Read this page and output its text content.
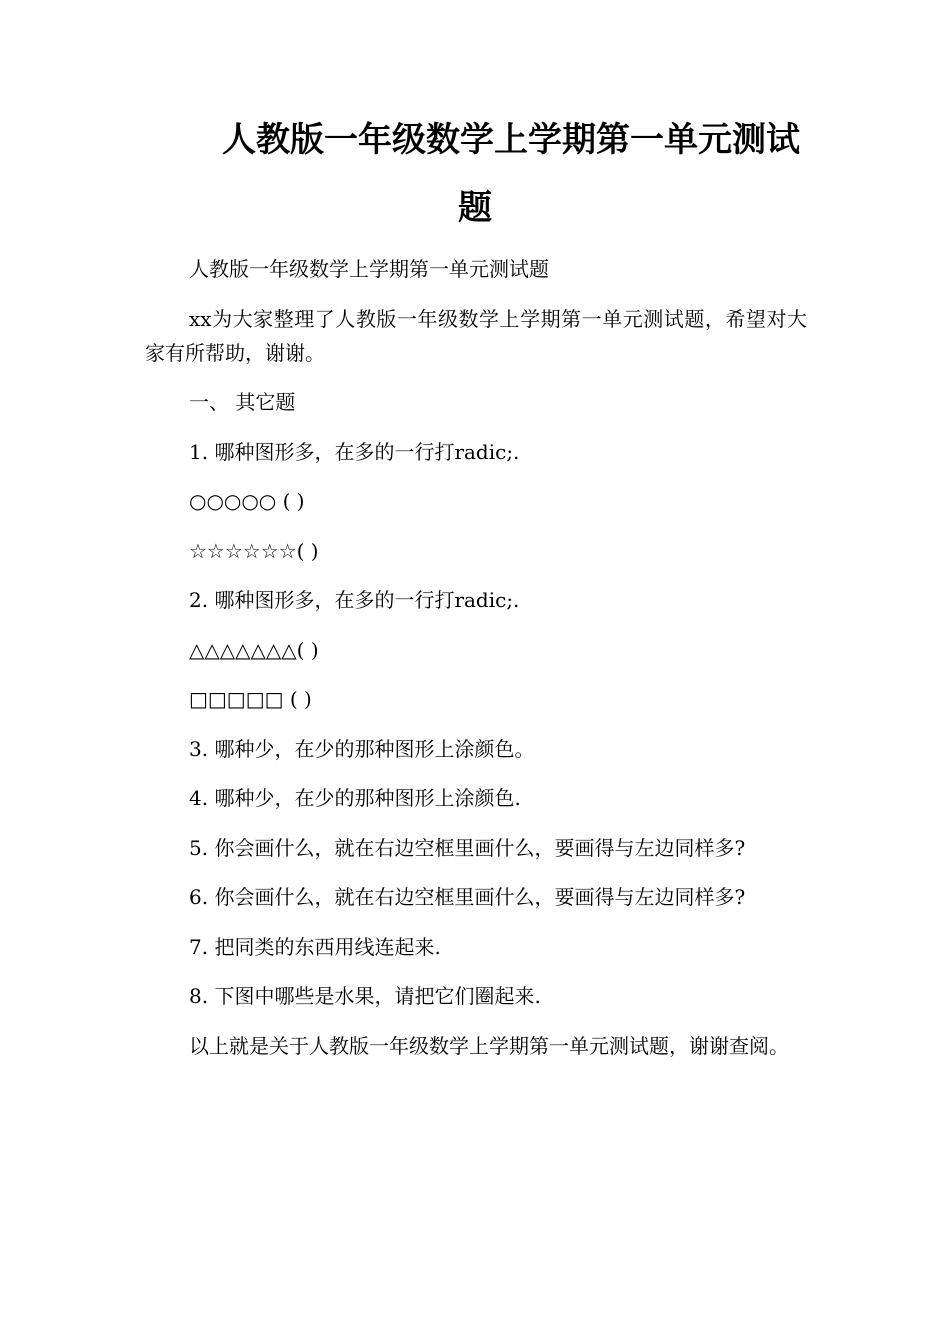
人教版一年级数学上学期第一单元测试
题

人教版一年级数学上学期第一单元测试题

xx为大家整理了人教版一年级数学上学期第一单元测试题，希望对大家有所帮助，谢谢。

一、 其它题

1. 哪种图形多，在多的一行打radic;.

○○○○○ ( )

☆☆☆☆☆☆( )

2. 哪种图形多，在多的一行打radic;.

△△△△△△△( )

□□□□□ ( )

3. 哪种少，在少的那种图形上涂颜色。

4. 哪种少，在少的那种图形上涂颜色.

5. 你会画什么，就在右边空框里画什么，要画得与左边同样多?

6. 你会画什么，就在右边空框里画什么，要画得与左边同样多?

7. 把同类的东西用线连起来.

8. 下图中哪些是水果，请把它们圈起来.

以上就是关于人教版一年级数学上学期第一单元测试题，谢谢查阅。
